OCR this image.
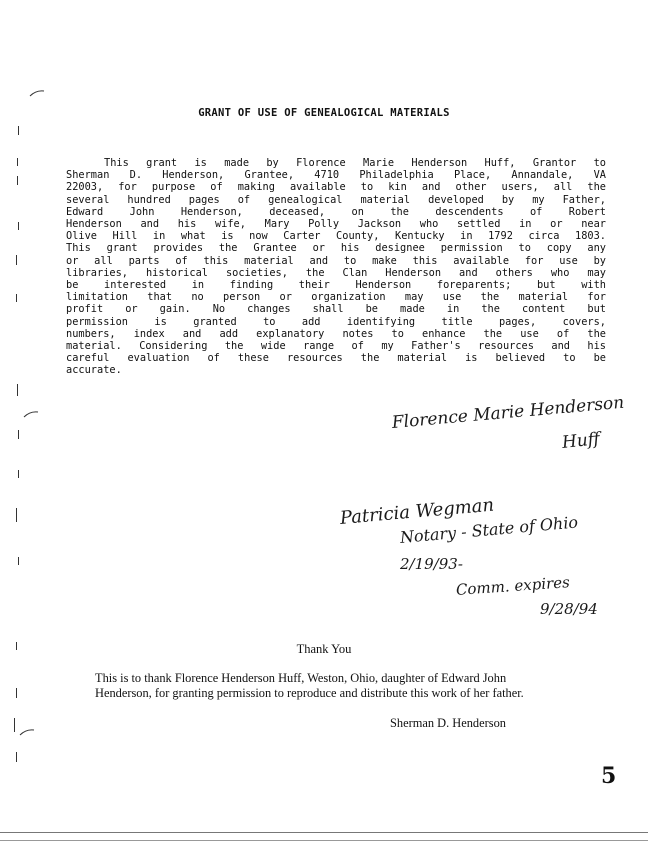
GRANT OF USE OF GENEALOGICAL MATERIALS
This grant is made by Florence Marie Henderson Huff, Grantor to
Sherman D. Henderson, Grantee, 4710 Philadelphia Place, Annandale, VA
22003, for purpose of making available to kin and other users, all the
several hundred pages of genealogical material developed by my Father,
Edward John Henderson, deceased, on the descendents of Robert
Henderson and his wife, Mary Polly Jackson who settled in or near
Olive Hill in what is now Carter County, Kentucky in 1792 circa 1803.
This grant provides the Grantee or his designee permission to copy any
or all parts of this material and to make this available for use by
libraries, historical societies, the Clan Henderson and others who may
be interested in finding their Henderson foreparents; but with
limitation that no person or organization may use the material for
profit or gain. No changes shall be made in the content but
permission is granted to add identifying title pages, covers,
numbers, index and add explanatory notes to enhance the use of the
material. Considering the wide range of my Father's resources and his
careful evaluation of these resources the material is believed to be
accurate.
Florence Marie Henderson
Huff
Patricia Wegman
Notary - State of Ohio
2/19/93-
Comm. expires
9/28/94
Thank You
This is to thank Florence Henderson Huff, Weston, Ohio, daughter of Edward John Henderson, for granting permission to reproduce and distribute this work of her father.
Sherman D. Henderson
5
